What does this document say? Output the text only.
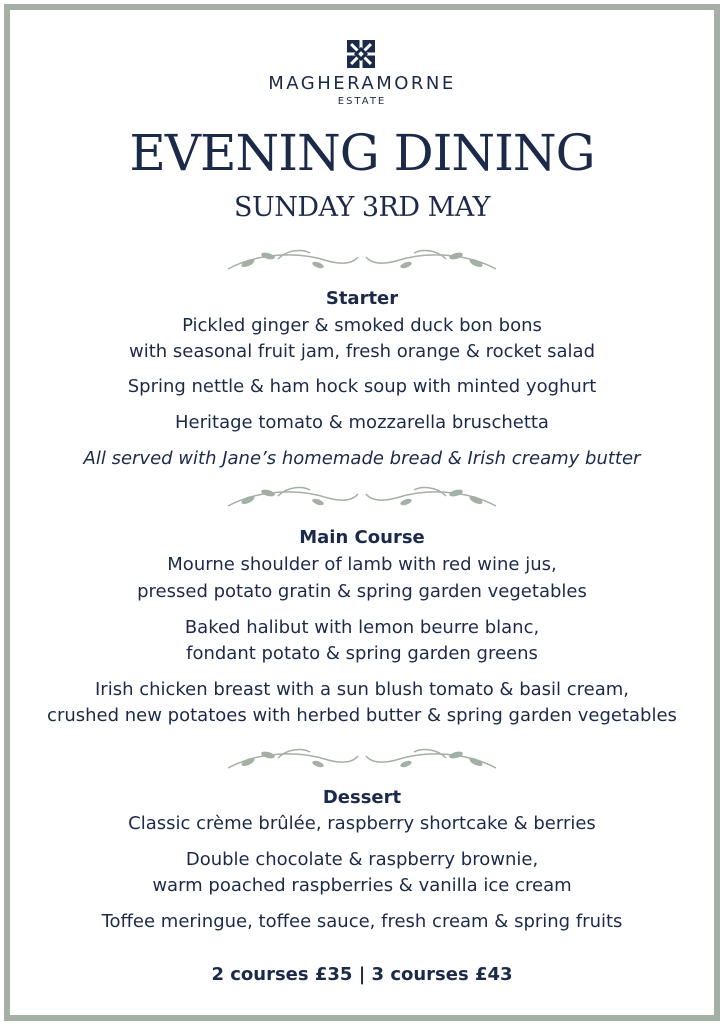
MAGHERAMORNE
ESTATE
EVENING DINING
SUNDAY 3RD MAY
Starter
Pickled ginger & smoked duck bon bons
with seasonal fruit jam, fresh orange & rocket salad
Spring nettle & ham hock soup with minted yoghurt
Heritage tomato & mozzarella bruschetta
All served with Jane’s homemade bread & Irish creamy butter
Main Course
Mourne shoulder of lamb with red wine jus,
pressed potato gratin & spring garden vegetables
Baked halibut with lemon beurre blanc,
fondant potato & spring garden greens
Irish chicken breast with a sun blush tomato & basil cream,
crushed new potatoes with herbed butter & spring garden vegetables
Dessert
Classic crème brûlée, raspberry shortcake & berries
Double chocolate & raspberry brownie,
warm poached raspberries & vanilla ice cream
Toffee meringue, toffee sauce, fresh cream & spring fruits
2 courses £35 | 3 courses £43
